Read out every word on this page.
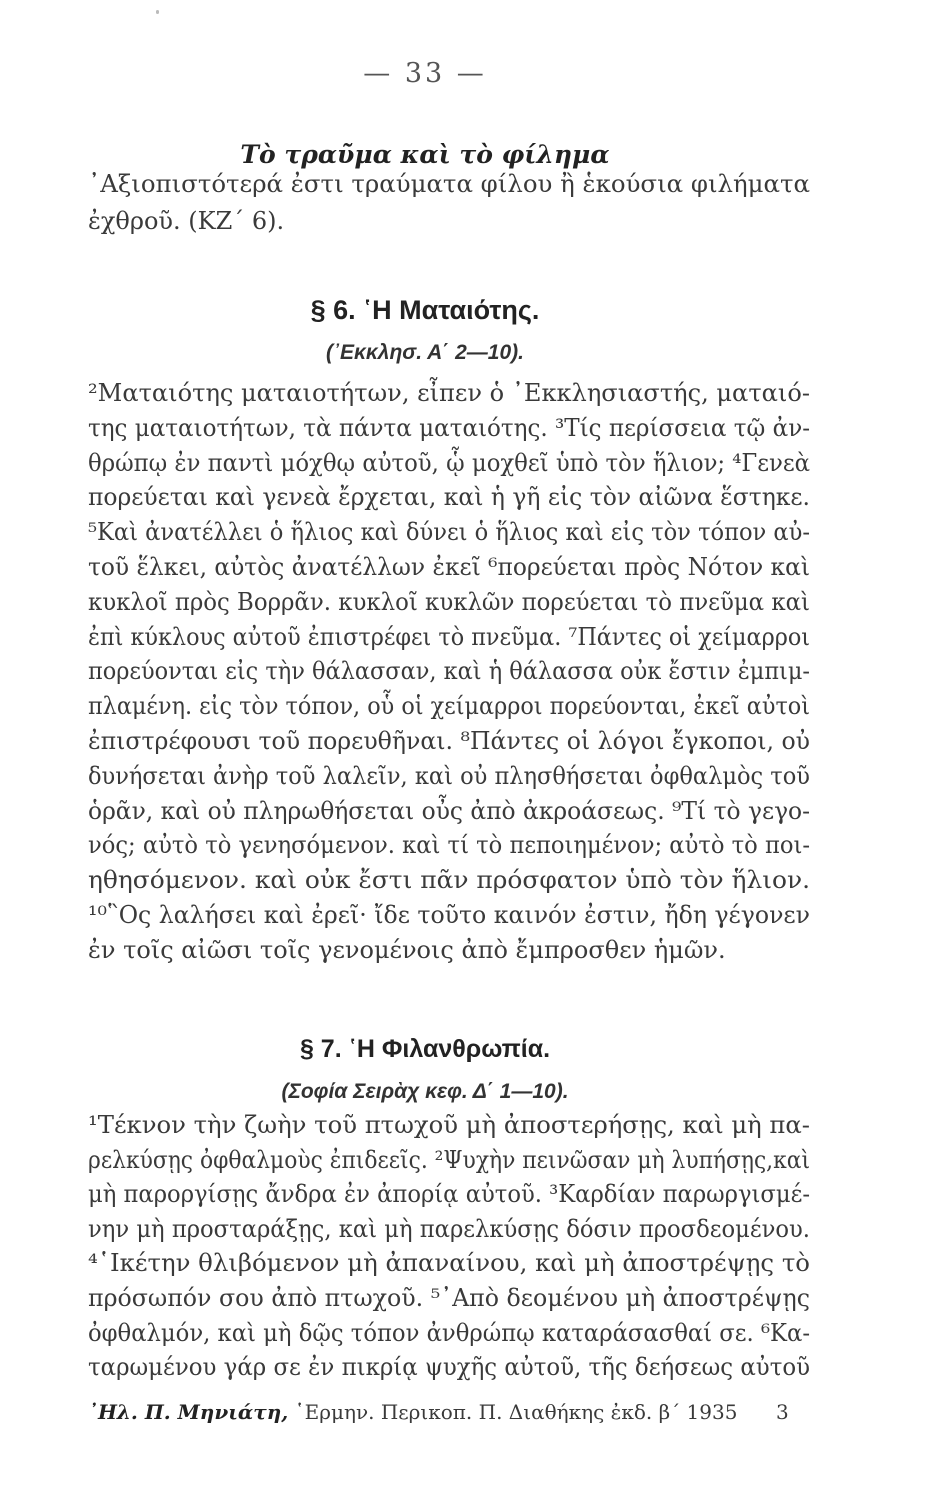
— 33 —
Τὸ τραῦμα καὶ τὸ φίλημα
᾿Αξιοπιστότερά ἐστι τραύματα φίλου ἢ ἑκούσια φιλήματα
ἐχθροῦ. (ΚΖ΄ 6).
§ 6. ῾Η Ματαιότης.
(᾿Εκκλησ. Α΄ 2—10).
²Ματαιότης ματαιοτήτων, εἶπεν ὁ ᾿Εκκλησιαστής, ματαιό-
της ματαιοτήτων, τὰ πάντα ματαιότης. ³Τίς περίσσεια τῷ ἀν-
θρώπῳ ἐν παντὶ μόχθῳ αὐτοῦ, ᾧ μοχθεῖ ὑπὸ τὸν ἥλιον; ⁴Γενεὰ
πορεύεται καὶ γενεὰ ἔρχεται, καὶ ἡ γῆ εἰς τὸν αἰῶνα ἕστηκε.
⁵Καὶ ἀνατέλλει ὁ ἥλιος καὶ δύνει ὁ ἥλιος καὶ εἰς τὸν τόπον αὐ-
τοῦ ἕλκει, αὐτὸς ἀνατέλλων ἐκεῖ ⁶πορεύεται πρὸς Νότον καὶ
κυκλοῖ πρὸς Βορρᾶν. κυκλοῖ κυκλῶν πορεύεται τὸ πνεῦμα καὶ
ἐπὶ κύκλους αὐτοῦ ἐπιστρέφει τὸ πνεῦμα. ⁷Πάντες οἱ χείμαρροι
πορεύονται εἰς τὴν θάλασσαν, καὶ ἡ θάλασσα οὐκ ἔστιν ἐμπιμ-
πλαμένη. εἰς τὸν τόπον, οὗ οἱ χείμαρροι πορεύονται, ἐκεῖ αὐτοὶ
ἐπιστρέφουσι τοῦ πορευθῆναι. ⁸Πάντες οἱ λόγοι ἔγκοποι, οὐ
δυνήσεται ἀνὴρ τοῦ λαλεῖν, καὶ οὐ πλησθήσεται ὀφθαλμὸς τοῦ
ὁρᾶν, καὶ οὐ πληρωθήσεται οὖς ἀπὸ ἀκροάσεως. ⁹Τί τὸ γεγο-
νός; αὐτὸ τὸ γενησόμενον. καὶ τί τὸ πεποιημένον; αὐτὸ τὸ ποι-
ηθησόμενον. καὶ οὐκ ἔστι πᾶν πρόσφατον ὑπὸ τὸν ἥλιον.
¹⁰῝Ος λαλήσει καὶ ἐρεῖ· ἴδε τοῦτο καινόν ἐστιν, ἤδη γέγονεν
ἐν τοῖς αἰῶσι τοῖς γενομένοις ἀπὸ ἔμπροσθεν ἡμῶν.
§ 7. ῾Η Φιλανθρωπία.
(Σοφία Σειρὰχ κεφ. Δ΄ 1—10).
¹Τέκνον τὴν ζωὴν τοῦ πτωχοῦ μὴ ἀποστερήσῃς, καὶ μὴ πα-
ρελκύσῃς ὀφθαλμοὺς ἐπιδεεῖς. ²Ψυχὴν πεινῶσαν μὴ λυπήσῃς,καὶ
μὴ παροργίσῃς ἄνδρα ἐν ἀπορίᾳ αὐτοῦ. ³Καρδίαν παρωργισμέ-
νην μὴ προσταράξῃς, καὶ μὴ παρελκύσῃς δόσιν προσδεομένου.
⁴῾Ικέτην θλιβόμενον μὴ ἀπαναίνου, καὶ μὴ ἀποστρέψῃς τὸ
πρόσωπόν σου ἀπὸ πτωχοῦ. ⁵᾿Απὸ δεομένου μὴ ἀποστρέψῃς
ὀφθαλμόν, καὶ μὴ δῷς τόπον ἀνθρώπῳ καταράσασθαί σε. ⁶Κα-
ταρωμένου γάρ σε ἐν πικρίᾳ ψυχῆς αὐτοῦ, τῆς δεήσεως αὐτοῦ
᾿Ηλ. Π. Μηνιάτη, ῾Ερμην. Περικοπ. Π. Διαθήκης ἐκδ. β΄ 1935 3
